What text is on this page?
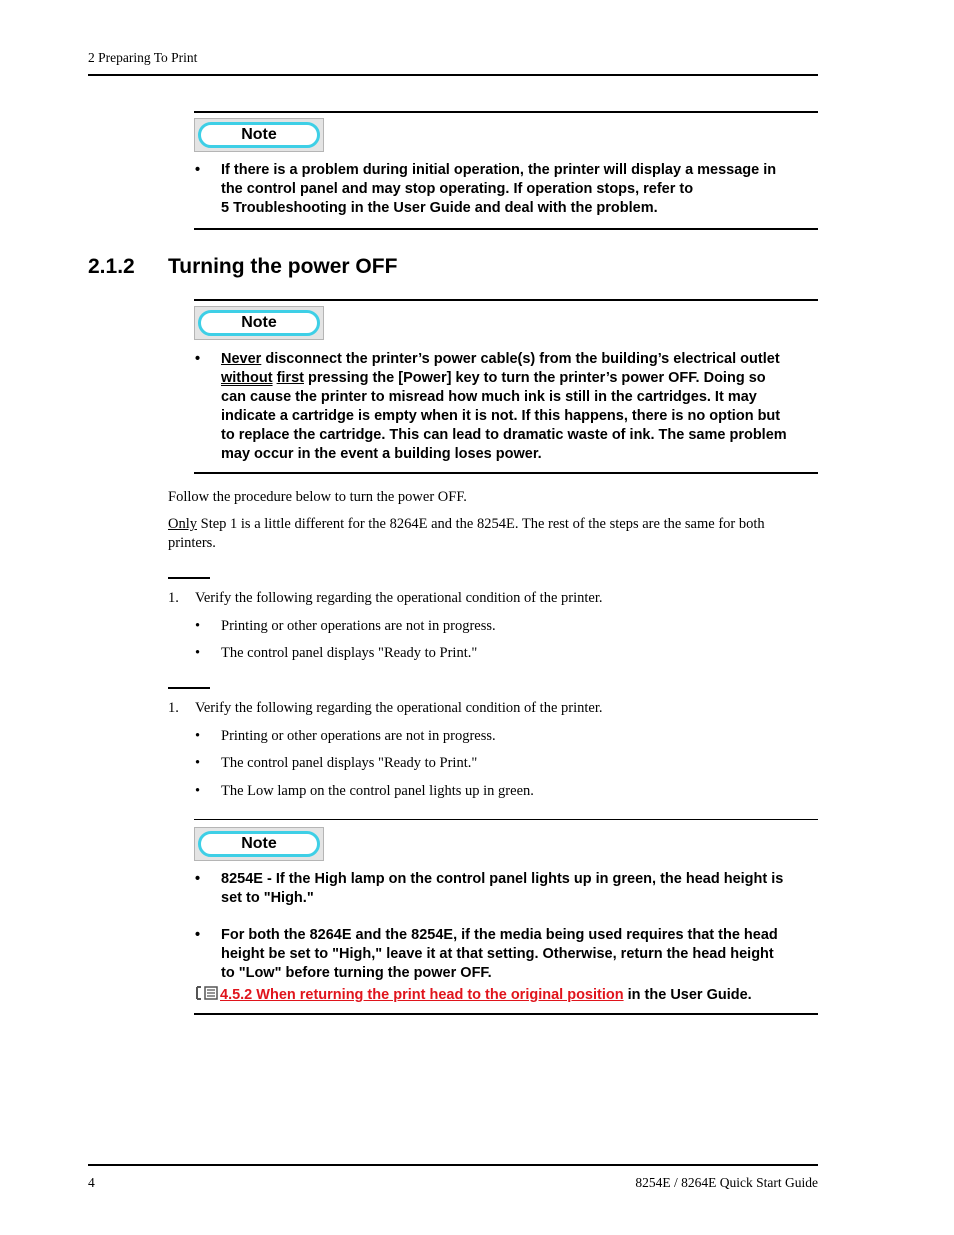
2 Preparing To Print
Note
• If there is a problem during initial operation, the printer will display a message in
the control panel and may stop operating. If operation stops, refer to
5 Troubleshooting in the User Guide and deal with the problem.
2.1.2 Turning the power OFF
Note
• Never disconnect the printer’s power cable(s) from the building’s electrical outlet
without first pressing the [Power] key to turn the printer’s power OFF. Doing so
can cause the printer to misread how much ink is still in the cartridges. It may
indicate a cartridge is empty when it is not. If this happens, there is no option but
to replace the cartridge. This can lead to dramatic waste of ink. The same problem
may occur in the event a building loses power.
Follow the procedure below to turn the power OFF.
Only Step 1 is a little different for the 8264E and the 8254E. The rest of the steps are the same for both
printers.
1. Verify the following regarding the operational condition of the printer.
• Printing or other operations are not in progress.
• The control panel displays "Ready to Print."
1. Verify the following regarding the operational condition of the printer.
• Printing or other operations are not in progress.
• The control panel displays "Ready to Print."
• The Low lamp on the control panel lights up in green.
Note
• 8254E - If the High lamp on the control panel lights up in green, the head height is
set to "High."
• For both the 8264E and the 8254E, if the media being used requires that the head
height be set to "High," leave it at that setting. Otherwise, return the head height
to "Low" before turning the power OFF.
4.5.2 When returning the print head to the original position in the User Guide.
4	8254E / 8264E Quick Start Guide
